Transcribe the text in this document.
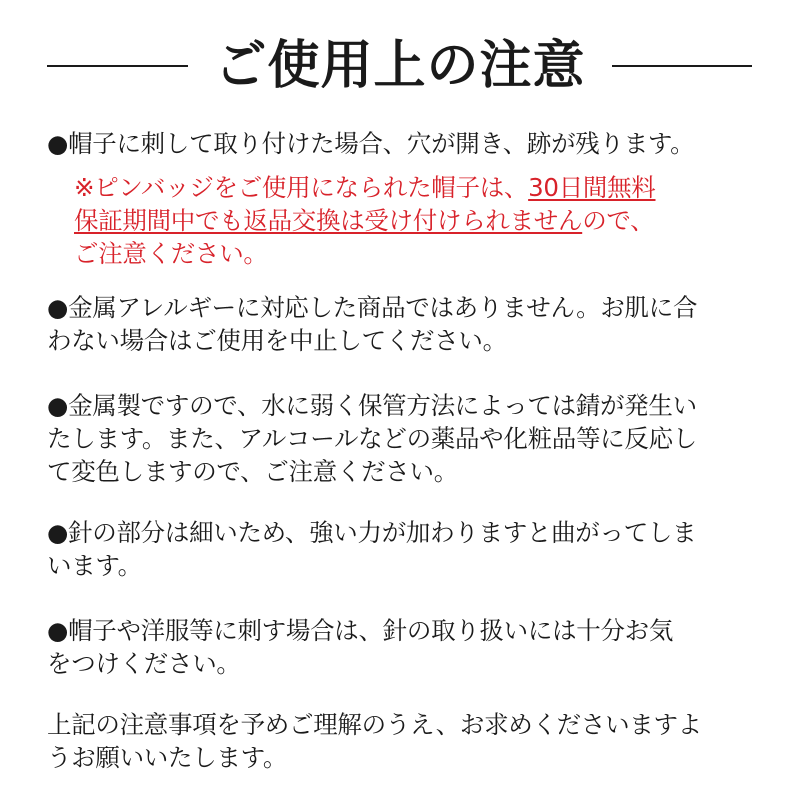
ご使用上の注意
●帽子に刺して取り付けた場合、穴が開き、跡が残ります。
※ピンバッジをご使用になられた帽子は、30日間無料
保証期間中でも返品交換は受け付けられませんので、
ご注意ください。
●金属アレルギーに対応した商品ではありません。お肌に合
わない場合はご使用を中止してください。
●金属製ですので、水に弱く保管方法によっては錆が発生い
たします。また、アルコールなどの薬品や化粧品等に反応し
て変色しますので、ご注意ください。
●針の部分は細いため、強い力が加わりますと曲がってしま
います。
●帽子や洋服等に刺す場合は、針の取り扱いには十分お気
をつけください。
上記の注意事項を予めご理解のうえ、お求めくださいますよ
うお願いいたします。
